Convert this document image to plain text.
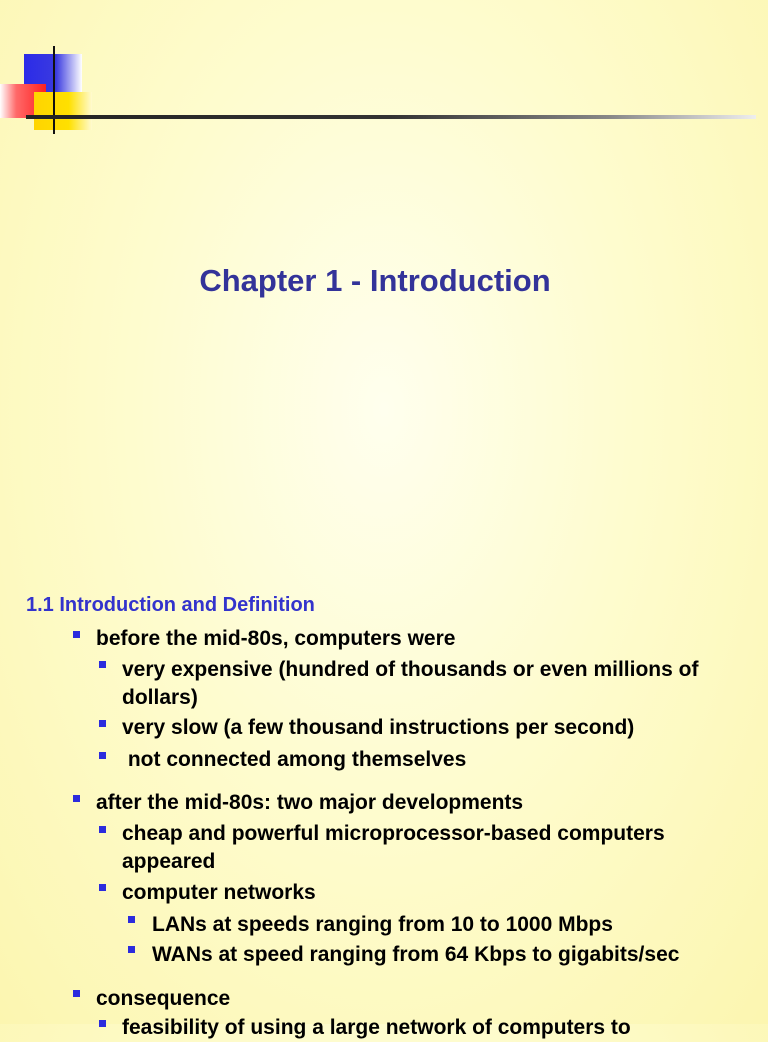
Chapter 1 - Introduction
1.1 Introduction and Definition
before the mid-80s, computers were
very expensive (hundred of thousands or even millions of dollars)
very slow (a few thousand instructions per second)
not connected among themselves
after the mid-80s: two major developments
cheap and powerful microprocessor-based computers appeared
computer networks
LANs at speeds ranging from 10 to 1000 Mbps
WANs at speed ranging from 64 Kbps to gigabits/sec
consequence
feasibility of using a large network of computers to
